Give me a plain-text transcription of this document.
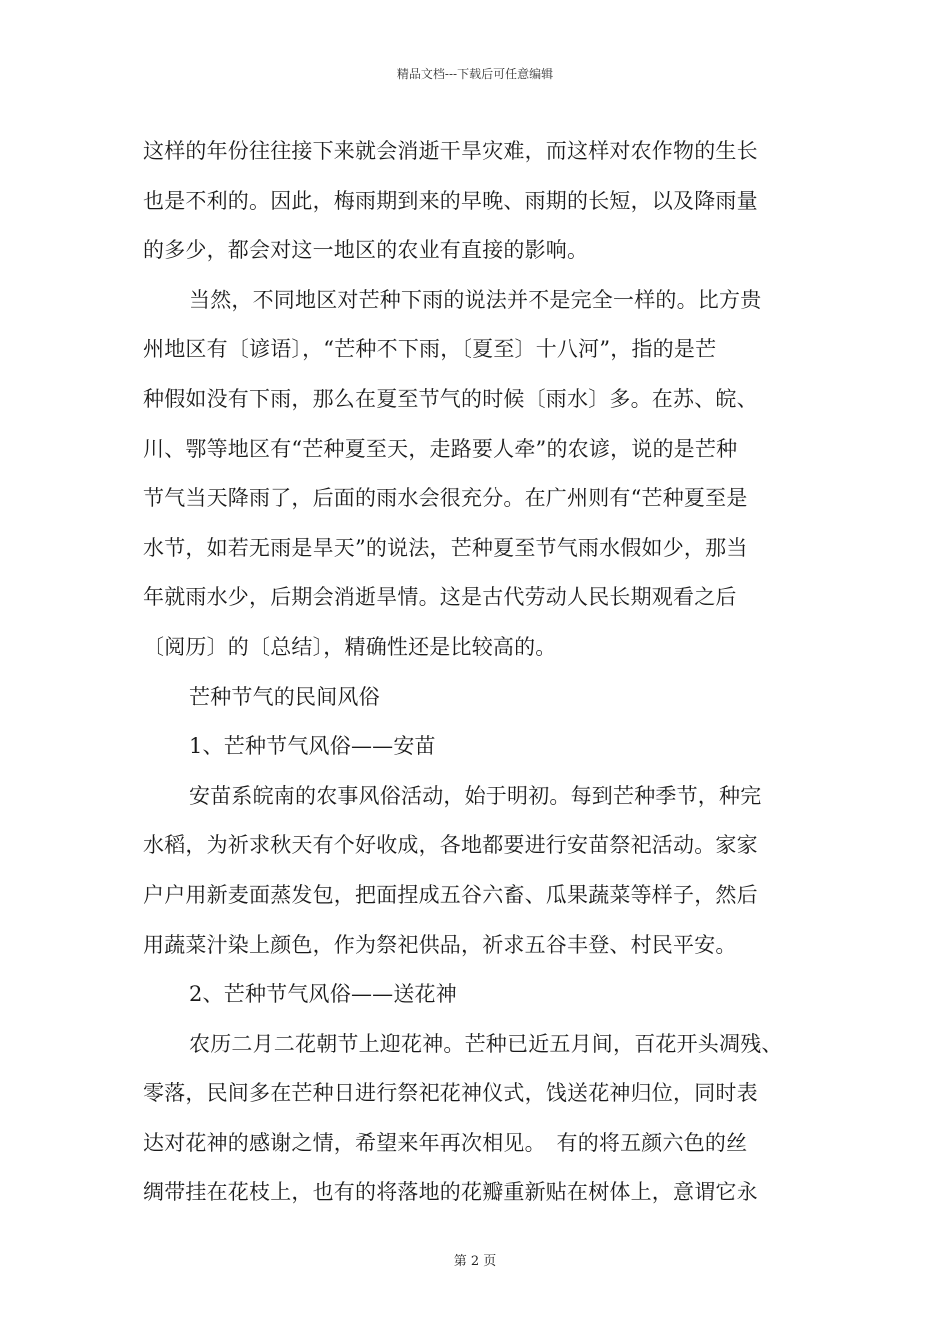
精品文档---下载后可任意编辑
这样的年份往往接下来就会消逝干旱灾难，而这样对农作物的生长
也是不利的。因此，梅雨期到来的早晚、雨期的长短，以及降雨量
的多少，都会对这一地区的农业有直接的影响。
当然，不同地区对芒种下雨的说法并不是完全一样的。比方贵
州地区有〔谚语〕，“芒种不下雨，〔夏至〕十八河”，指的是芒
种假如没有下雨，那么在夏至节气的时候〔雨水〕多。在苏、皖、
川、鄂等地区有“芒种夏至天，走路要人牵”的农谚，说的是芒种
节气当天降雨了，后面的雨水会很充分。在广州则有“芒种夏至是
水节，如若无雨是旱天”的说法，芒种夏至节气雨水假如少，那当
年就雨水少，后期会消逝旱情。这是古代劳动人民长期观看之后
〔阅历〕的〔总结〕，精确性还是比较高的。
芒种节气的民间风俗
1、芒种节气风俗——安苗
安苗系皖南的农事风俗活动，始于明初。每到芒种季节，种完
水稻，为祈求秋天有个好收成，各地都要进行安苗祭祀活动。家家
户户用新麦面蒸发包，把面捏成五谷六畜、瓜果蔬菜等样子，然后
用蔬菜汁染上颜色，作为祭祀供品，祈求五谷丰登、村民平安。
2、芒种节气风俗——送花神
农历二月二花朝节上迎花神。芒种已近五月间，百花开头凋残、
零落，民间多在芒种日进行祭祀花神仪式，饯送花神归位，同时表
达对花神的感谢之情，希望来年再次相见。　有的将五颜六色的丝
绸带挂在花枝上，也有的将落地的花瓣重新贴在树体上，意谓它永
第 2 页
